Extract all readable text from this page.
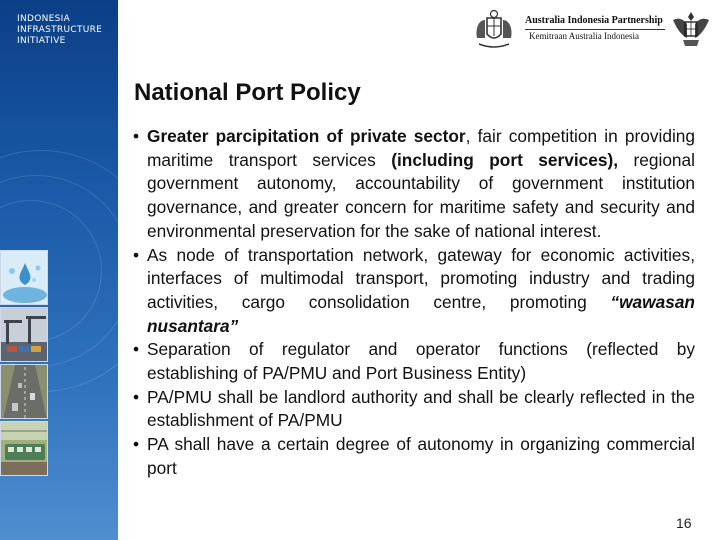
INDONESIA
INFRASTRUCTURE
INITIATIVE
Australia Indonesia Partnership
Kemitraan Australia Indonesia
National Port Policy
• Greater parcipitation of private sector, fair competition in providing maritime transport services (including port services), regional government autonomy, accountability of government institution governance, and greater concern for maritime safety and security and environmental preservation for the sake of national interest.
• As node of transportation network, gateway for economic activities, interfaces of multimodal transport, promoting industry and trading activities, cargo consolidation centre, promoting “wawasan nusantara”
• Separation of regulator and operator functions (reflected by establishing of PA/PMU and Port Business Entity)
• PA/PMU shall be landlord authority and shall be clearly reflected in the establishment of PA/PMU
• PA shall have a certain degree of autonomy in organizing commercial port
16
